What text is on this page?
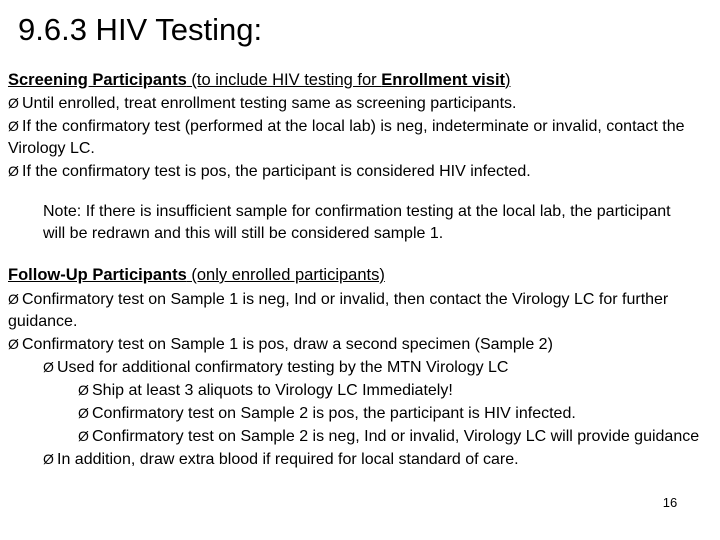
9.6.3 HIV Testing:
Screening Participants (to include HIV testing for Enrollment visit)
Ø Until enrolled, treat enrollment testing same as screening participants.
Ø If the confirmatory test (performed at the local lab) is neg, indeterminate or invalid, contact the Virology LC.
Ø If the confirmatory test is pos, the participant is considered HIV infected.
Note: If there is insufficient sample for confirmation testing at the local lab, the participant will be redrawn and this will still be considered sample 1.
Follow-Up Participants (only enrolled participants)
Ø Confirmatory test on Sample 1 is neg, Ind or invalid, then contact the Virology LC for further guidance.
Ø Confirmatory test on Sample 1 is pos, draw a second specimen (Sample 2)
Ø Used for additional confirmatory testing by the MTN Virology LC
Ø Ship at least 3 aliquots to Virology LC Immediately!
Ø Confirmatory test on Sample 2 is pos, the participant is HIV infected.
Ø Confirmatory test on Sample 2 is neg, Ind or invalid, Virology LC will provide guidance
Ø In addition, draw extra blood if required for local standard of care.
16
